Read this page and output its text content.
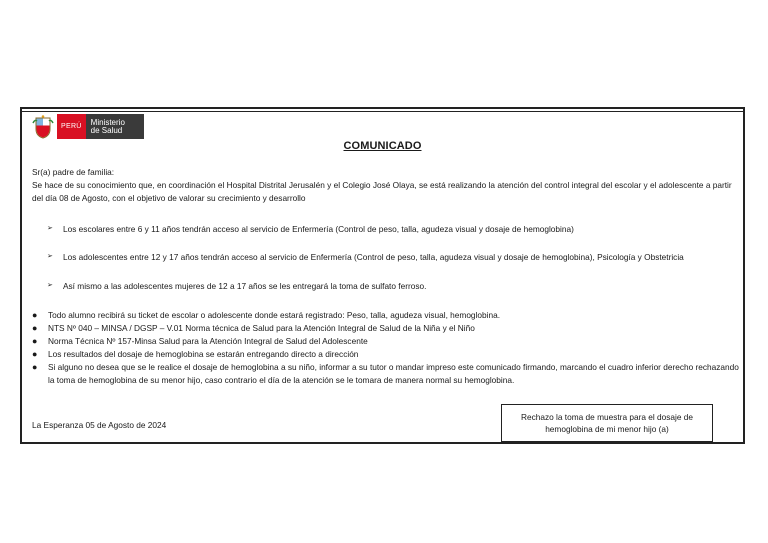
PERÚ	Ministerio
de Salud
COMUNICADO
Sr(a) padre de familia:
Se hace de su conocimiento que, en coordinación el Hospital Distrital Jerusalén y el Colegio José Olaya, se está realizando la atención del control integral del escolar y el adolescente a partir del día 08 de Agosto, con el objetivo de valorar su crecimiento y desarrollo
➢	Los escolares entre 6 y 11 años tendrán acceso al servicio de Enfermería (Control de peso, talla, agudeza visual y dosaje de hemoglobina)
➢	Los adolescentes entre 12 y 17 años tendrán acceso al servicio de Enfermería (Control de peso, talla, agudeza visual y dosaje de hemoglobina), Psicología y Obstetricia
➢	Así mismo a las adolescentes mujeres de 12 a 17 años se les entregará la toma de sulfato ferroso.
●	Todo alumno recibirá su ticket de escolar o adolescente donde estará registrado: Peso, talla, agudeza visual, hemoglobina.
●	NTS Nº 040 – MINSA / DGSP – V.01 Norma técnica de Salud para la Atención Integral de Salud de la Niña y el Niño
●	Norma Técnica Nº 157-Minsa Salud para la Atención Integral de Salud del Adolescente
●	Los resultados del dosaje de hemoglobina se estarán entregando directo a dirección
●	Si alguno no desea que se le realice el dosaje de hemoglobina a su niño, informar a su tutor o mandar impreso este comunicado firmando, marcando el cuadro inferior derecho rechazando la toma de hemoglobina de su menor hijo, caso contrario el día de la atención se le tomara de manera normal su hemoglobina.
La Esperanza 05 de Agosto de 2024
Rechazo la toma de muestra para el dosaje de hemoglobina de mi menor hijo (a)
